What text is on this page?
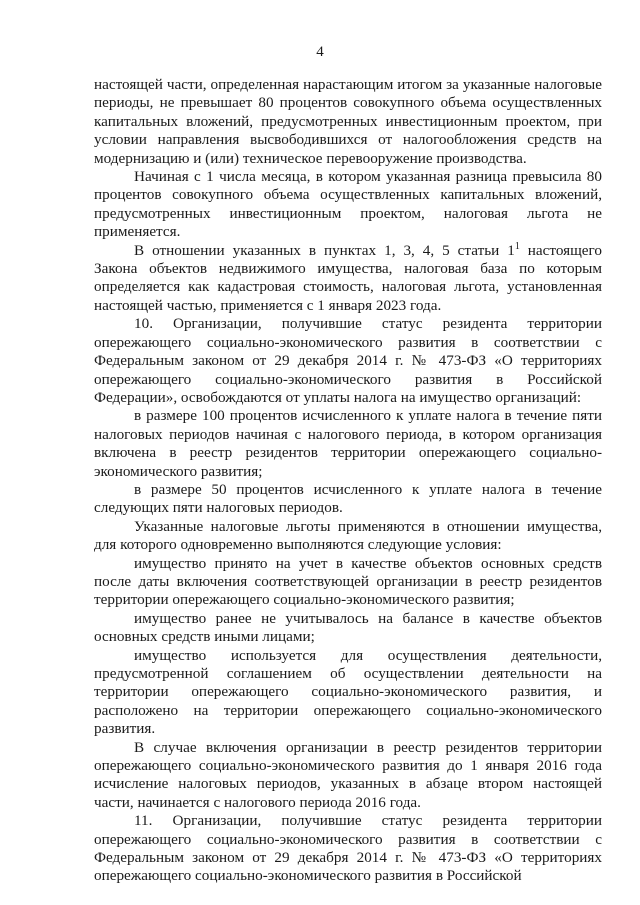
4

настоящей части, определенная нарастающим итогом за указанные налоговые периоды, не превышает 80 процентов совокупного объема осуществленных капитальных вложений, предусмотренных инвестиционным проектом, при условии направления высвободившихся от налогообложения средств на модернизацию и (или) техническое перевооружение производства.

Начиная с 1 числа месяца, в котором указанная разница превысила 80 процентов совокупного объема осуществленных капитальных вложений, предусмотренных инвестиционным проектом, налоговая льгота не применяется.

В отношении указанных в пунктах 1, 3, 4, 5 статьи $1^1$ настоящего Закона объектов недвижимого имущества, налоговая база по которым определяется как кадастровая стоимость, налоговая льгота, установленная настоящей частью, применяется с 1 января 2023 года.

10. Организации, получившие статус резидента территории опережающего социально-экономического развития в соответствии с Федеральным законом от 29 декабря 2014 г. № 473-ФЗ «О территориях опережающего социально-экономического развития в Российской Федерации», освобождаются от уплаты налога на имущество организаций:

в размере 100 процентов исчисленного к уплате налога в течение пяти налоговых периодов начиная с налогового периода, в котором организация включена в реестр резидентов территории опережающего социально-экономического развития;

в размере 50 процентов исчисленного к уплате налога в течение следующих пяти налоговых периодов.

Указанные налоговые льготы применяются в отношении имущества, для которого одновременно выполняются следующие условия:

имущество принято на учет в качестве объектов основных средств после даты включения соответствующей организации в реестр резидентов территории опережающего социально-экономического развития;

имущество ранее не учитывалось на балансе в качестве объектов основных средств иными лицами;

имущество используется для осуществления деятельности, предусмотренной соглашением об осуществлении деятельности на территории опережающего социально-экономического развития, и расположено на территории опережающего социально-экономического развития.

В случае включения организации в реестр резидентов территории опережающего социально-экономического развития до 1 января 2016 года исчисление налоговых периодов, указанных в абзаце втором настоящей части, начинается с налогового периода 2016 года.

11. Организации, получившие статус резидента территории опережающего социально-экономического развития в соответствии с Федеральным законом от 29 декабря 2014 г. № 473-ФЗ «О территориях опережающего социально-экономического развития в Российской
